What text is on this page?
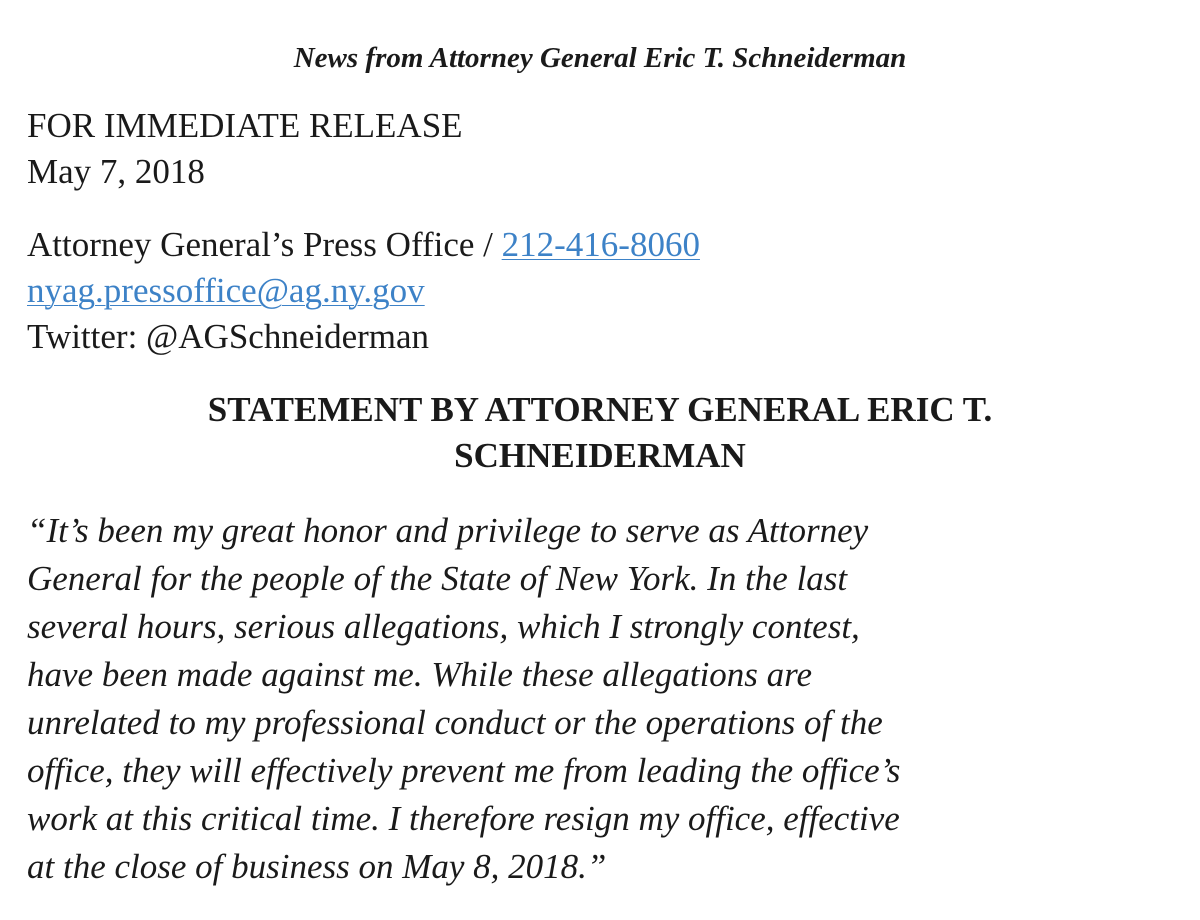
News from Attorney General Eric T. Schneiderman
FOR IMMEDIATE RELEASE
May 7, 2018
Attorney General’s Press Office / 212-416-8060
nyag.pressoffice@ag.ny.gov
Twitter: @AGSchneiderman
STATEMENT BY ATTORNEY GENERAL ERIC T.
SCHNEIDERMAN
“It’s been my great honor and privilege to serve as Attorney
General for the people of the State of New York. In the last
several hours, serious allegations, which I strongly contest,
have been made against me. While these allegations are
unrelated to my professional conduct or the operations of the
office, they will effectively prevent me from leading the office’s
work at this critical time. I therefore resign my office, effective
at the close of business on May 8, 2018.”
